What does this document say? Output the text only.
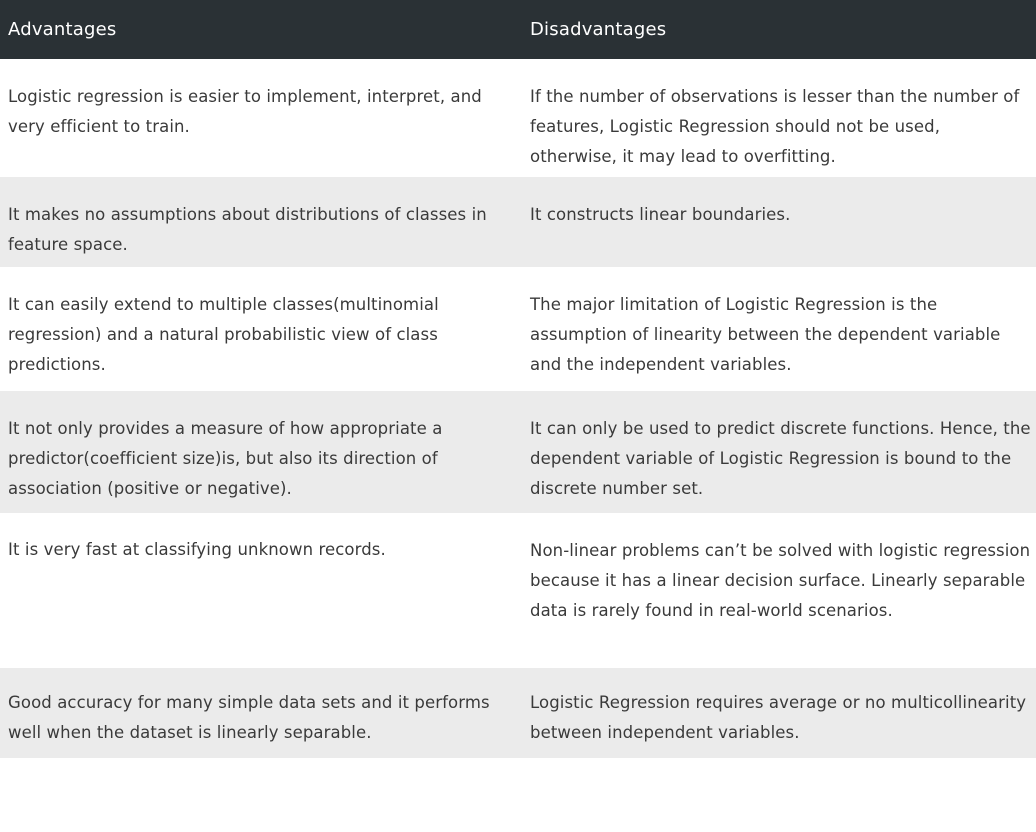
Advantages	Disadvantages
Logistic regression is easier to implement, interpret, and very efficient to train.
If the number of observations is lesser than the number of features, Logistic Regression should not be used, otherwise, it may lead to overfitting.
It makes no assumptions about distributions of classes in feature space.
It constructs linear boundaries.
It can easily extend to multiple classes(multinomial regression) and a natural probabilistic view of class predictions.
The major limitation of Logistic Regression is the assumption of linearity between the dependent variable and the independent variables.
It not only provides a measure of how appropriate a predictor(coefficient size)is, but also its direction of association (positive or negative).
It can only be used to predict discrete functions. Hence, the dependent variable of Logistic Regression is bound to the discrete number set.
It is very fast at classifying unknown records.	Non-linear problems can’t be solved with logistic regression because it has a linear decision surface. Linearly separable data is rarely found in real-world scenarios.
Good accuracy for many simple data sets and it performs well when the dataset is linearly separable.
Logistic Regression requires average or no multicollinearity between independent variables.
